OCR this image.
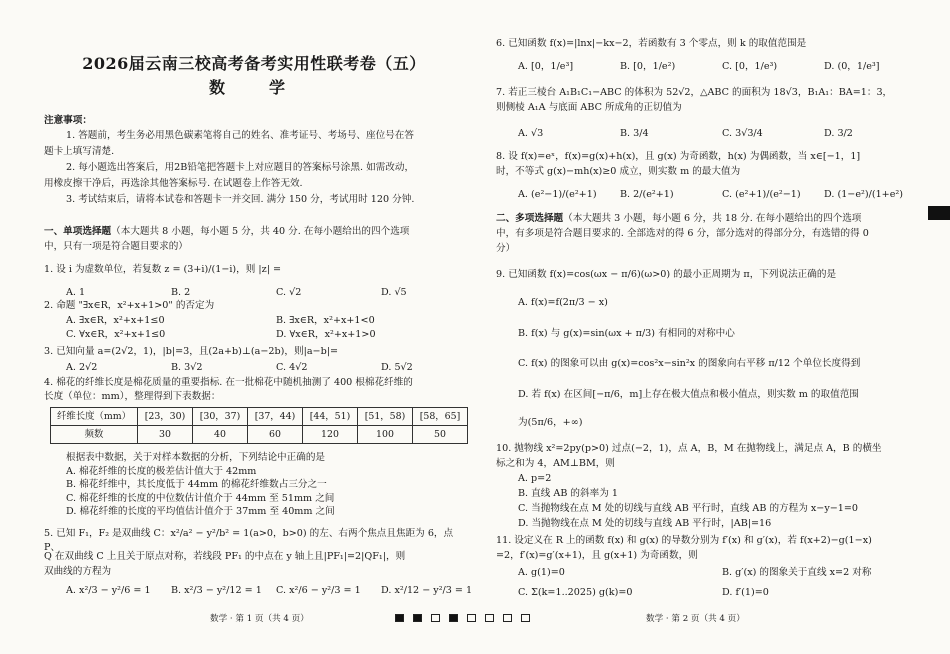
2026届云南三校高考备考实用性联考卷（五）
数　学
注意事项：
1. 答题前，考生务必用黑色碳素笔将自己的姓名、准考证号、考场号、座位号在答
题卡上填写清楚.
2. 每小题选出答案后，用2B铅笔把答题卡上对应题目的答案标号涂黑. 如需改动，
用橡皮擦干净后，再选涂其他答案标号. 在试题卷上作答无效.
3. 考试结束后，请将本试卷和答题卡一并交回. 满分 150 分，考试用时 120 分钟.
一、单项选择题（本大题共 8 小题，每小题 5 分，共 40 分. 在每小题给出的四个选项
中，只有一项是符合题目要求的）
1. 设 i 为虚数单位，若复数 z = (3+i)/(1−i)，则 |z| =
A. 1	B. 2	C. √2	D. √5
2. 命题 "∃x∈R，x²+x+1>0" 的否定为
A. ∃x∈R，x²+x+1≤0	B. ∃x∈R，x²+x+1<0
C. ∀x∈R，x²+x+1≤0	D. ∀x∈R，x²+x+1>0
3. 已知向量 a=(2√2，1)，|b|=3，且(2a+b)⊥(a−2b)，则|a−b|=
A. 2√2	B. 3√2	C. 4√2	D. 5√2
4. 棉花的纤维长度是棉花质量的重要指标. 在一批棉花中随机抽测了 400 根棉花纤维的
长度（单位：mm），整理得到下表数据：
纤维长度（mm）	[23，30)	[30，37)	[37，44)	[44，51)	[51，58)	[58，65]
频数	30	40	60	120	100	50
根据表中数据，关于对样本数据的分析，下列结论中正确的是
A. 棉花纤维的长度的极差估计值大于 42mm
B. 棉花纤维中，其长度低于 44mm 的棉花纤维数占三分之一
C. 棉花纤维的长度的中位数估计值介于 44mm 至 51mm 之间
D. 棉花纤维的长度的平均值估计值介于 37mm 至 40mm 之间
5. 已知 F₁，F₂ 是双曲线 C：x²/a² − y²/b² = 1(a>0，b>0) 的左、右两个焦点且焦距为 6，点 P、
Q 在双曲线 C 上且关于原点对称，若线段 PF₁ 的中点在 y 轴上且|PF₁|=2|QF₁|，则
双曲线的方程为
A. x²/3 − y²/6 = 1	B. x²/3 − y²/12 = 1	C. x²/6 − y²/3 = 1	D. x²/12 − y²/3 = 1
数学 · 第 1 页（共 4 页）
6. 已知函数 f(x)=|lnx|−kx−2，若函数有 3 个零点，则 k 的取值范围是
A. [0，1/e³]	B. [0，1/e²)	C. [0，1/e³)	D. (0，1/e³]
7. 若正三棱台 A₁B₁C₁−ABC 的体积为 52√2，△ABC 的面积为 18√3，B₁A₁：BA=1：3，
则侧棱 A₁A 与底面 ABC 所成角的正切值为
A. √3	B. 3/4	C. 3√3/4	D. 3/2
8. 设 f(x)=eˣ，f(x)=g(x)+h(x)，且 g(x) 为奇函数，h(x) 为偶函数，当 x∈[−1，1]
时，不等式 g(x)−mh(x)≥0 成立，则实数 m 的最大值为
A. (e²−1)/(e²+1)	B. 2/(e²+1)	C. (e²+1)/(e²−1)	D. (1−e²)/(1+e²)
二、多项选择题（本大题共 3 小题，每小题 6 分，共 18 分. 在每小题给出的四个选项
中，有多项是符合题目要求的. 全部选对的得 6 分，部分选对的得部分分，有选错的得 0
分）
9. 已知函数 f(x)=cos(ωx − π/6)(ω>0) 的最小正周期为 π，下列说法正确的是
A. f(x)=f(2π/3 − x)
B. f(x) 与 g(x)=sin(ωx + π/3) 有相同的对称中心
C. f(x) 的图象可以由 g(x)=cos²x−sin²x 的图象向右平移 π/12 个单位长度得到
D. 若 f(x) 在区间[−π/6，m]上存在极大值点和极小值点，则实数 m 的取值范围
为(5π/6，+∞)
10. 抛物线 x²=2py(p>0) 过点(−2，1)，点 A，B，M 在抛物线上，满足点 A，B 的横坐
标之和为 4，AM⊥BM，则
A. p=2
B. 直线 AB 的斜率为 1
C. 当抛物线在点 M 处的切线与直线 AB 平行时，直线 AB 的方程为 x−y−1=0
D. 当抛物线在点 M 处的切线与直线 AB 平行时，|AB|=16
11. 设定义在 R 上的函数 f(x) 和 g(x) 的导数分别为 f′(x) 和 g′(x)，若 f(x+2)−g(1−x)
=2，f′(x)=g′(x+1)，且 g(x+1) 为奇函数，则
A. g(1)=0	B. g′(x) 的图象关于直线 x=2 对称
C. Σ(k=1..2025) g(k)=0	D. f′(1)=0
数学 · 第 2 页（共 4 页）
